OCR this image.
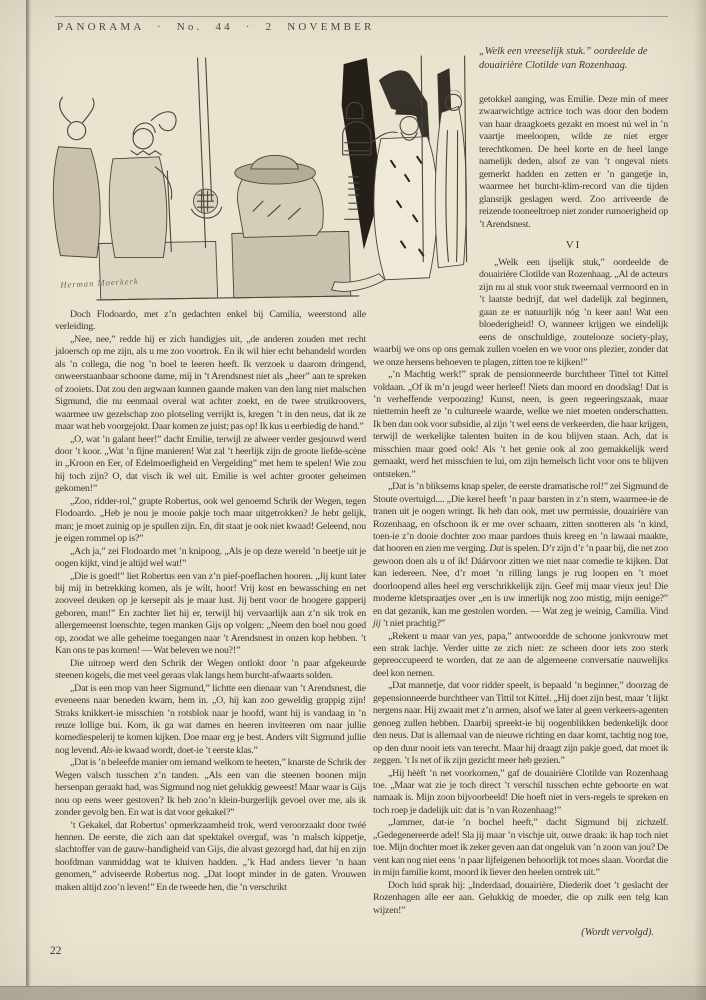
PANORAMA · No. 44 · 2 NOVEMBER
Herman Moerkerk
„Welk een vreeselijk stuk.” oordeelde de douairière Clotilde van Rozenhaag.

getokkel aanging, was Emilie. Deze min of meer zwaarwichtige actrice toch was door den bodem van haar draagkoets gezakt en moest nú wel in ’n vaartje meeloopen, wilde ze niet erger terechtkomen. De heel korte en de heel lange namelijk deden, alsof ze van ’t ongeval niets gemerkt hadden en zetten er ’n gangetje in, waarmee het burcht-klim-record van die tijden glansrijk geslagen werd. Zoo arriveerde de reizende tooneeltroep niet zonder rumoerigheid op ’t Arendsnest.

VI

„Welk een ijselijk stuk,” oordeelde de douairière Clotilde van Rozenhaag. „Al de acteurs zijn nu al stuk voor stuk tweemaal vermoord en in ’t laatste bedrijf, dat wel dadelijk zal beginnen, gaan ze er natuurlijk nóg ’n keer aan! Wat een bloederigheid! O, wanneer krijgen we eindelijk eens de onschuldige, zoutelooze society-play, waarbij we ons op ons gemak zullen voelen en we voor ons plezier, zonder dat we onze hersens behoeven te plagen, zitten toe te kijken!”

„’n Machtig werk!” sprak de pensionneerde burchtheer Tittel tot Kittel voldaan. „Of ik m’n jeugd weer herleef! Niets dan moord en doodslag! Dat is ’n verheffende verpoozing! Kunst, neen, is geen regeeringszaak, maar niettemin heeft ze ’n cultureele waarde, welke we niet moeten onderschatten. Ik ben dan ook voor subsidie, al zijn ’t wel eens de verkeerden, die haar krijgen, terwijl de werkelijke talenten buiten in de kou blijven staan. Ach, dat is misschien maar goed ook! Als ’t het genie ook al zoo gemakkelijk werd gemaakt, werd het misschien te lui, om zijn hemelsch licht voor ons te blijven ontsteken.”

„Dat is ’n bliksems knap speler, de eerste dramatische rol!” zei Sigmund de Stoute overtuigd.... „Die kerel heeft ’n paar barsten in z’n stem, waarmee-ie de tranen uit je oogen wringt. Ik heb dan ook, met uw permissie, douairière van Rozenhaag, en ofschoon ik er me over schaam, zitten snotteren als ’n kind, toen-ie z’n dooie dochter zoo maar pardoes thuis kreeg en ’n lawaai maakte, dat hooren en zien me verging. Dat is spelen. D’r zijn d’r ’n paar bij, die net zoo gewoon doen als u of ik! Dáárvoor zitten we niet naar comedie te kijken. Dat kan iedereen. Nee, d’r moet ’n rilling langs je rug loopen en ’t moet doorloopend alles heel erg verschrikkelijk zijn. Geef mij maar vieux jeu! Die moderne kletspraatjes over „en is uw innerlijk nog zoo mistig, mijn eenige?” en dat gezanik, kan me gestolen worden. — Wat zeg je weinig, Camilia. Vind jij ’t niet prachtig?”

„Rekent u maar van yes, papa,” antwoordde de schoone jonkvrouw met een strak lachje. Verder uitte ze zich niet: ze scheen door iets zoo sterk gepreoccupeerd te worden, dat ze aan de algemeene conversatie nauwelijks deel kon nemen.

„Dat mannetje, dat voor ridder speelt, is bepaald ’n beginner,” doorzag de gepensionneerde burchtheer van Tittil tot Kittel. „Hij doet zijn best, maar ’t lijkt nergens naar. Hij zwaait met z’n armen, alsof we later al geen verkeers-agenten genoeg zullen hebben. Daarbij spreekt-ie bij oogenblikken bedenkelijk door den neus. Dat is allemaal van de nieuwe richting en daar komt, tachtig nog toe, op den duur nooit iets van terecht. Maar hij draagt zijn pakje goed, dat moet ik zeggen. ’t Is net of ik zijn gezicht meer heb gezien.”

„Hij hèèft ’n net voorkomen,” gaf de douairière Clotilde van Rozenhaag toe. „Maar wat zie je toch direct ’t verschil tusschen echte geboorte en wat namaak is. Mijn zoon bijvoorbeeld! Die hoeft niet in vers-regels te spreken en toch roep je dadelijk uit: dat is ’n van Rozenhaag!”

„Jammer, dat-ie ’n bochel heeft,” dacht Sigmund bij zichzelf. „Gedegenereerde adel! Sla jij maar ’n vischje uit, ouwe draak: ik hap toch niet toe. Mijn dochter moet ik zeker geven aan dat ongeluk van ’n zoon van jou? De vent kan nog niet eens ’n paar lijfeigenen behoorlijk tot moes slaan. Voordat die in mijn familie komt, moord ik liever den heelen omtrek uit.”

Doch luid sprak hij: „Inderdaad, douairière, Diederik doet ’t geslacht der Rozenhagen alle eer aan. Gelukkig de moeder, die op zulk een telg kan wijzen!”

(Wordt vervolgd).

Doch Flodoardo, met z’n gedachten enkel bij Camilia, weerstond alle verleiding.

„Nee, nee,” redde hij er zich handigjes uit, „de anderen zouden met recht jaloersch op me zijn, als u me zoo voortrok. En ik wil hier echt behandeld worden als ’n collega, die nog ’n boel te leeren heeft. Ik verzoek u daarom dringend, onweerstaanbaar schoone dame, mij in ’t Arendsnest niet als „heer” aan te spreken of zooiets. Dat zou den argwaan kunnen gaande maken van den lang niet malschen Sigmund, die nu eenmaal overal wat achter zoekt, en de twee struikroovers, waarmee uw gezelschap zoo plotseling verrijkt is, kregen ’t in den neus, dat ik ze maar wat heb voorgejokt. Daar komen ze juist; pas op! Ik kus u eerbiedig de hand.”

„O, wat ’n galant heer!” dacht Emilie, terwijl ze alweer verder gesjouwd werd door ’t koor. „Wat ’n fijne manieren! Wat zal ’t heerlijk zijn de groote liefde-scène in „Kroon en Eer, of Edelmoedigheid en Vergelding” met hem te spelen! Wie zou hij toch zijn? O, dat visch ik wel uit. Emilie is wel achter grooter geheimen gekomen!”

„Zoo, ridder-rol,” grapte Robertus, ook wel genoemd Schrik der Wegen, tegen Flodoardo. „Heb je nou je mooie pakje toch maar uitgetrokken? Je hebt gelijk, man; je moet zuinig op je spullen zijn. En, dit staat je ook niet kwaad! Geleend, nou je eigen rommel op is?”

„Ach ja,” zei Flodoardo met ’n knipoog. „Als je op deze wereld ’n beetje uit je oogen kijkt, vind je altijd wel wat!”

„Die is goed!” liet Robertus een van z’n pief-poeflachen hooren. „Jij kunt later bij mij in betrekking komen, als je wilt, hoor! Vrij kost en bewassching en net zooveel deuken op je kersepit als je maar lust. Jij bent voor de hoogere gapperij geboren, man!” En zachter liet hij er, terwijl hij vervaarlijk aan z’n sik trok en allergemeenst loenschte, tegen manken Gijs op volgen: „Neem den boel nou goed op, zoodat we alle geheime toegangen naar ’t Arendsnest in onzen kop hebben. ’t Kan ons te pas komen! — Wat beleven we nou?!”

Die uitroep werd den Schrik der Wegen ontlokt door ’n paar afgekeurde steenen kogels, die met veel geraas vlak langs hem burcht-afwaarts solden.

„Dat is een mop van heer Sigmund,” lichtte een dienaar van ’t Arendsnest, die eveneens naar beneden kwam, hem in. „O, hij kan zoo geweldig grappig zijn! Straks knikkert-ie misschien ’n rotsblok naar je hoofd, want hij is vandaag in ’n reuze lollige bui. Kom, ik ga wat dames en heeren inviteeren om naar jullie komediespelerij te komen kijken. Doe maar erg je best. Anders vilt Sigmund jullie nog levend. Als-ie kwaad wordt, doet-ie ’t eerste klas.”

„Dat is ’n beleefde manier om iemand welkom te heeten,” knarste de Schrik der Wegen valsch tusschen z’n tanden. „Als een van die steenen boonen mijn hersenpan geraakt had, was Sigmund nog niet gelukkig geweest! Maar waar is Gijs nou op eens weer gestoven? Ik heb zoo’n klein-burgerlijk gevoel over me, als ik zonder gevolg ben. En wat is dat voor gekakel?”

’t Gekakel, dat Robertus’ opmerkzaamheid trok, werd veroorzaakt door twéé hennen. De eerste, die zich aan dat spektakel overgaf, was ’n malsch kippetje, slachtoffer van de gauw-handigheid van Gijs, die alvast gezorgd had, dat hij en zijn hoofdman vanmiddag wat te kluiven hadden. „’k Had anders liever ’n haan genomen,” adviseerde Robertus nog. „Dat loopt minder in de gaten. Vrouwen maken altijd zoo’n leven!” En de tweede hen, die ’n verschrikt

22
